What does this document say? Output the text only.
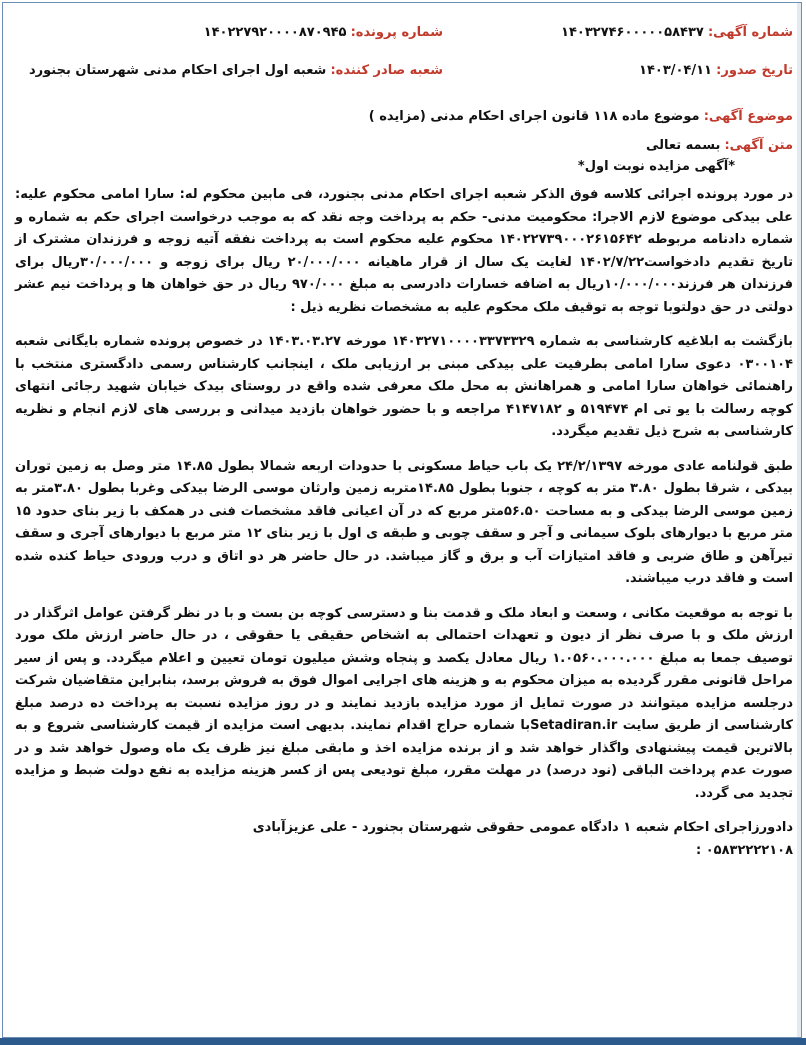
شماره آگهی: ۱۴۰۳۲۷۴۶۰۰۰۰۰۵۸۴۳۷
شماره پرونده: ۱۴۰۲۲۷۹۲۰۰۰۰۸۷۰۹۴۵
تاریخ صدور: ۱۴۰۳/۰۴/۱۱
شعبه صادر کننده: شعبه اول اجرای احکام مدنی شهرستان بجنورد
موضوع آگهی: موضوع ماده ۱۱۸ قانون اجرای احکام مدنی (مزایده )
متن آگهی: بسمه تعالی
*آگهی مزایده نوبت اول*

در مورد پرونده اجرائی کلاسه فوق الذکر شعبه اجرای احکام مدنی بجنورد، فی مابین محکوم له: سارا امامی محکوم علیه: علی بیدکی موضوع لازم الاجرا: محکومیت مدنی- حکم به پرداخت وجه نقد که به موجب درخواست اجرای حکم به شماره و شماره دادنامه مربوطه ۱۴۰۲۲۷۳۹۰۰۰۲۶۱۵۶۴۲ محکوم علیه محکوم است به پرداخت نفقه آتیه زوجه و فرزندان مشترک از تاریخ تقدیم دادخواست۱۴۰۲/۷/۲۲ لغایت یک سال از قرار ماهیانه ۲۰/۰۰۰/۰۰۰ ریال برای زوجه و ۳۰/۰۰۰/۰۰۰ریال برای فرزندان هر فرزند۱۰/۰۰۰/۰۰۰ریال به اضافه خسارات دادرسی به مبلغ ۹۷۰/۰۰۰ ریال در حق خواهان ها و پرداخت نیم عشر دولتی در حق دولتوبا توجه به توقیف ملک محکوم علیه به مشخصات نظریه ذیل :

بازگشت به ابلاغیه کارشناسی به شماره ۱۴۰۳۲۷۱۰۰۰۰۳۳۷۳۳۲۹ مورخه ۱۴۰۳.۰۳.۲۷ در خصوص پرونده شماره بایگانی شعبه ۰۳۰۰۱۰۴ دعوی سارا امامی بطرفیت علی بیدکی مبنی بر ارزیابی ملک ، اینجانب کارشناس رسمی دادگستری منتخب با راهنمائی خواهان سارا امامی و همراهانش به محل ملک معرفی شده واقع در روستای بیدک خیابان شهید رجائی انتهای کوچه رسالت با یو تی ام ۵۱۹۴۷۴ و ۴۱۴۷۱۸۲ مراجعه و با حضور خواهان بازدید میدانی و بررسی های لازم انجام و نظریه کارشناسی به شرح ذیل تقدیم میگردد.

طبق قولنامه عادی مورخه ۲۴/۲/۱۳۹۷ یک باب حیاط مسکونی با حدودات اربعه شمالا بطول ۱۴.۸۵ متر وصل به زمین توران بیدکی ، شرقا بطول ۳.۸۰ متر به کوچه ، جنوبا بطول ۱۴.۸۵متربه زمین وارثان موسی الرضا بیدکی وغربا بطول ۳.۸۰متر به زمین موسی الرضا بیدکی و به مساحت ۵۶.۵۰متر مربع که در آن اعیانی فاقد مشخصات فنی در همکف با زیر بنای حدود ۱۵ متر مربع با دیوارهای بلوک سیمانی و آجر و سقف چوبی و طبقه ی اول با زیر بنای ۱۲ متر مربع با دیوارهای آجری و سقف تیرآهن و طاق ضربی و فاقد امتیازات آب و برق و گاز میباشد. در حال حاضر هر دو اتاق و درب ورودی حیاط کنده شده است و فاقد درب میباشند.

با توجه به موقعیت مکانی ، وسعت و ابعاد ملک و قدمت بنا و دسترسی کوچه بن بست و با در نظر گرفتن عوامل اثرگذار در ارزش ملک و با صرف نظر از دیون و تعهدات احتمالی به اشخاص حقیقی یا حقوقی ، در حال حاضر ارزش ملک مورد توصیف جمعا به مبلغ ۱.۰۵۶۰.۰۰۰.۰۰۰ ریال معادل یکصد و پنجاه وشش میلیون تومان تعیین و اعلام میگردد. و پس از سیر مراحل قانونی مقرر گردیده به میزان محکوم به و هزینه های اجرایی اموال فوق به فروش برسد، بنابراین متقاضیان شرکت درجلسه مزایده میتوانند در صورت تمایل از مورد مزایده بازدید نمایند و در روز مزایده نسبت به پرداخت ده درصد مبلغ کارشناسی از طریق سایت Setadiran.irبا شماره حراج اقدام نمایند. بدیهی است مزایده از قیمت کارشناسی شروع و به بالاترین قیمت پیشنهادی واگذار خواهد شد و از برنده مزایده اخذ و مابقی مبلغ نیز ظرف یک ماه وصول خواهد شد و در صورت عدم پرداخت الباقی (نود درصد) در مهلت مقرر، مبلغ تودیعی پس از کسر هزینه مزایده به نفع دولت ضبط و مزایده تجدید می گردد.

دادورزاجرای احکام شعبه ۱ دادگاه عمومی حقوقی شهرستان بجنورد - علی عزیزآبادی
۰۵۸۳۲۲۲۲۱۰۸ :
